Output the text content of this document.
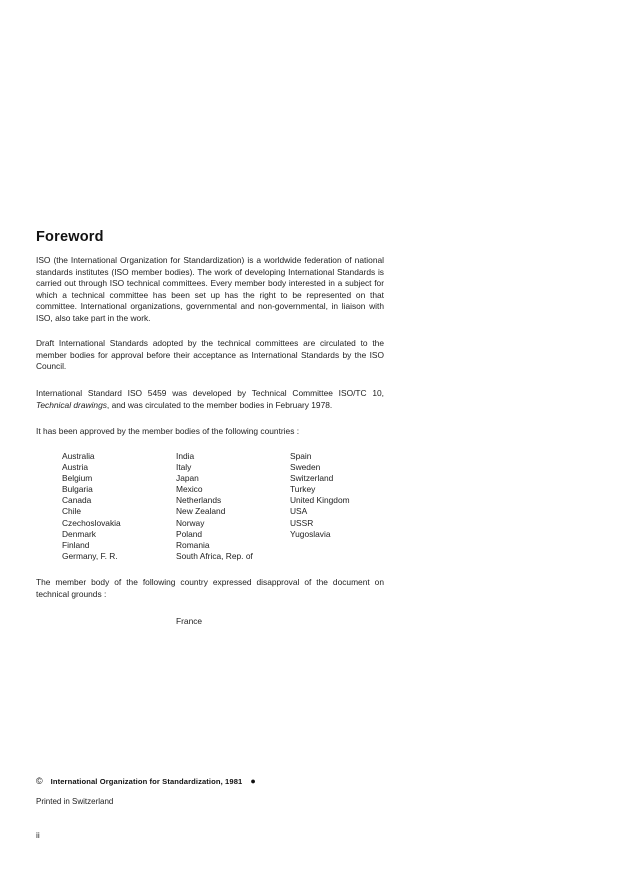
Foreword

ISO (the International Organization for Standardization) is a worldwide federation of national standards institutes (ISO member bodies). The work of developing International Standards is carried out through ISO technical committees. Every member body interested in a subject for which a technical committee has been set up has the right to be represented on that committee. International organizations, governmental and non-governmental, in liaison with ISO, also take part in the work.

Draft International Standards adopted by the technical committees are circulated to the member bodies for approval before their acceptance as International Standards by the ISO Council.

International Standard ISO 5459 was developed by Technical Committee ISO/TC 10, Technical drawings, and was circulated to the member bodies in February 1978.

It has been approved by the member bodies of the following countries :

Australia
Austria
Belgium
Bulgaria
Canada
Chile
Czechoslovakia
Denmark
Finland
Germany, F. R.
India
Italy
Japan
Mexico
Netherlands
New Zealand
Norway
Poland
Romania
South Africa, Rep. of
Spain
Sweden
Switzerland
Turkey
United Kingdom
USA
USSR
Yugoslavia

The member body of the following country expressed disapproval of the document on technical grounds :

France
© International Organization for Standardization, 1981 ●
Printed in Switzerland
ii
